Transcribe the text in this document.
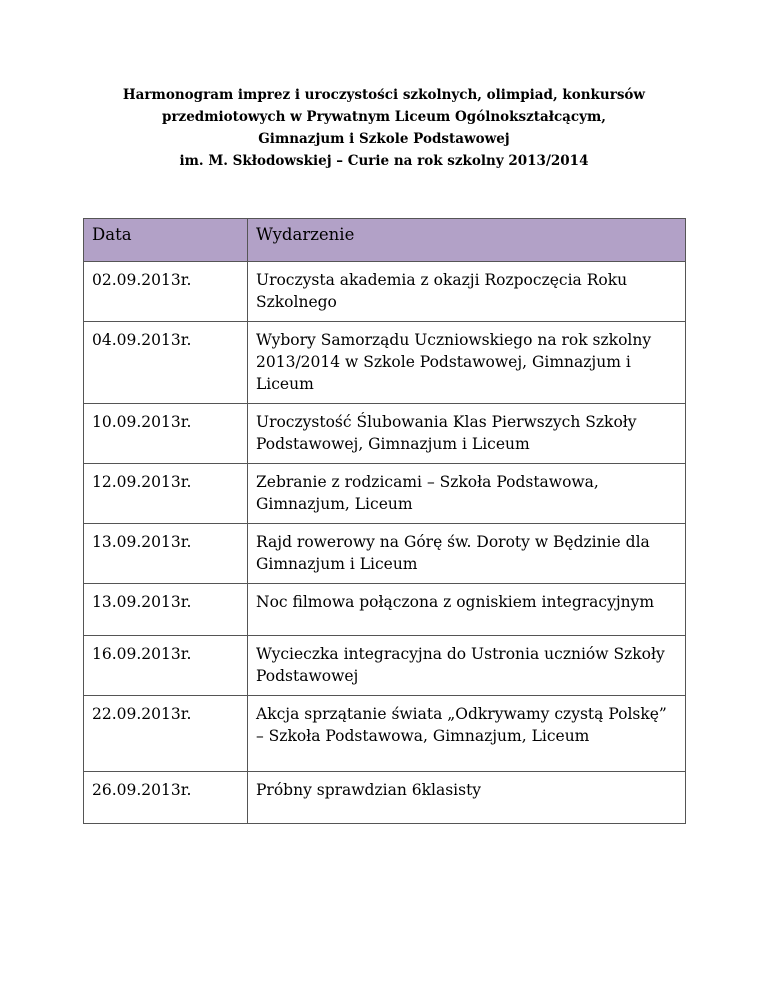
Harmonogram imprez i uroczystości szkolnych, olimpiad, konkursów
przedmiotowych w Prywatnym Liceum Ogólnokształcącym,
Gimnazjum i Szkole Podstawowej
im. M. Skłodowskiej – Curie na rok szkolny 2013/2014
Data	Wydarzenie
02.09.2013r.	Uroczysta akademia z okazji Rozpoczęcia Roku Szkolnego
04.09.2013r.	Wybory Samorządu Uczniowskiego na rok szkolny 2013/2014 w Szkole Podstawowej, Gimnazjum i Liceum
10.09.2013r.	Uroczystość Ślubowania Klas Pierwszych Szkoły Podstawowej, Gimnazjum i Liceum
12.09.2013r.	Zebranie z rodzicami – Szkoła Podstawowa, Gimnazjum, Liceum
13.09.2013r.	Rajd rowerowy na Górę św. Doroty w Będzinie dla Gimnazjum i Liceum
13.09.2013r.	Noc filmowa połączona z ogniskiem integracyjnym
16.09.2013r.	Wycieczka integracyjna do Ustronia uczniów Szkoły Podstawowej
22.09.2013r.	Akcja sprzątanie świata „Odkrywamy czystą Polskę” – Szkoła Podstawowa, Gimnazjum, Liceum
26.09.2013r.	Próbny sprawdzian 6klasisty
